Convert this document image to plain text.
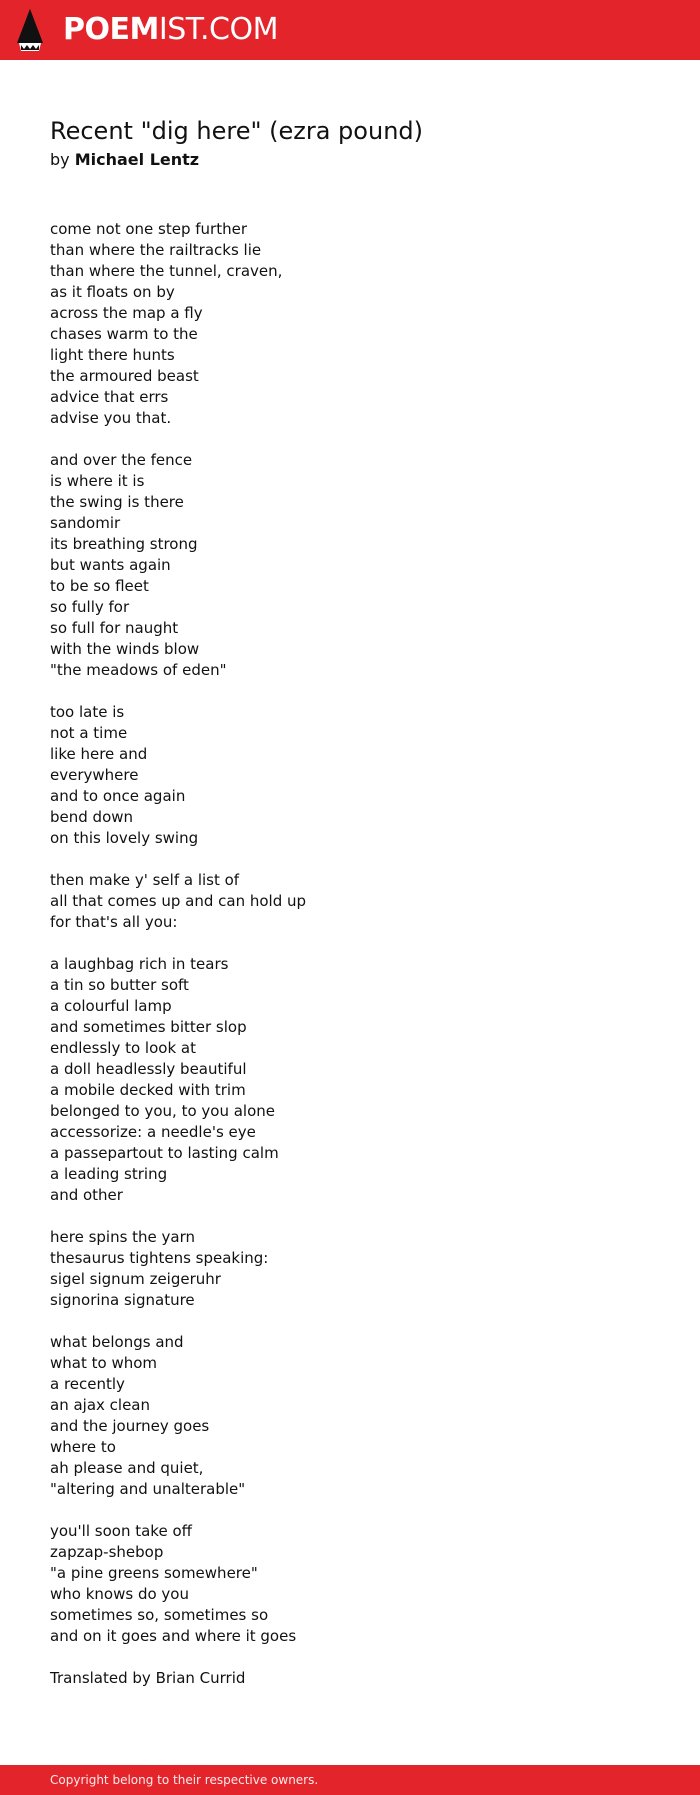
POEMIST.COM
Recent "dig here" (ezra pound)
by Michael Lentz
come not one step further
than where the railtracks lie
than where the tunnel, craven,
as it floats on by
across the map a fly
chases warm to the
light there hunts
the armoured beast
advice that errs
advise you that.
and over the fence
is where it is
the swing is there
sandomir
its breathing strong
but wants again
to be so fleet
so fully for
so full for naught
with the winds blow
"the meadows of eden"
too late is
not a time
like here and
everywhere
and to once again
bend down
on this lovely swing
then make y' self a list of
all that comes up and can hold up
for that's all you:
a laughbag rich in tears
a tin so butter soft
a colourful lamp
and sometimes bitter slop
endlessly to look at
a doll headlessly beautiful
a mobile decked with trim
belonged to you, to you alone
accessorize: a needle's eye
a passepartout to lasting calm
a leading string
and other
here spins the yarn
thesaurus tightens speaking:
sigel signum zeigeruhr
signorina signature
what belongs and
what to whom
a recently
an ajax clean
and the journey goes
where to
ah please and quiet,
"altering and unalterable"
you'll soon take off
zapzap-shebop
"a pine greens somewhere"
who knows do you
sometimes so, sometimes so
and on it goes and where it goes
Translated by Brian Currid
Copyright belong to their respective owners.
